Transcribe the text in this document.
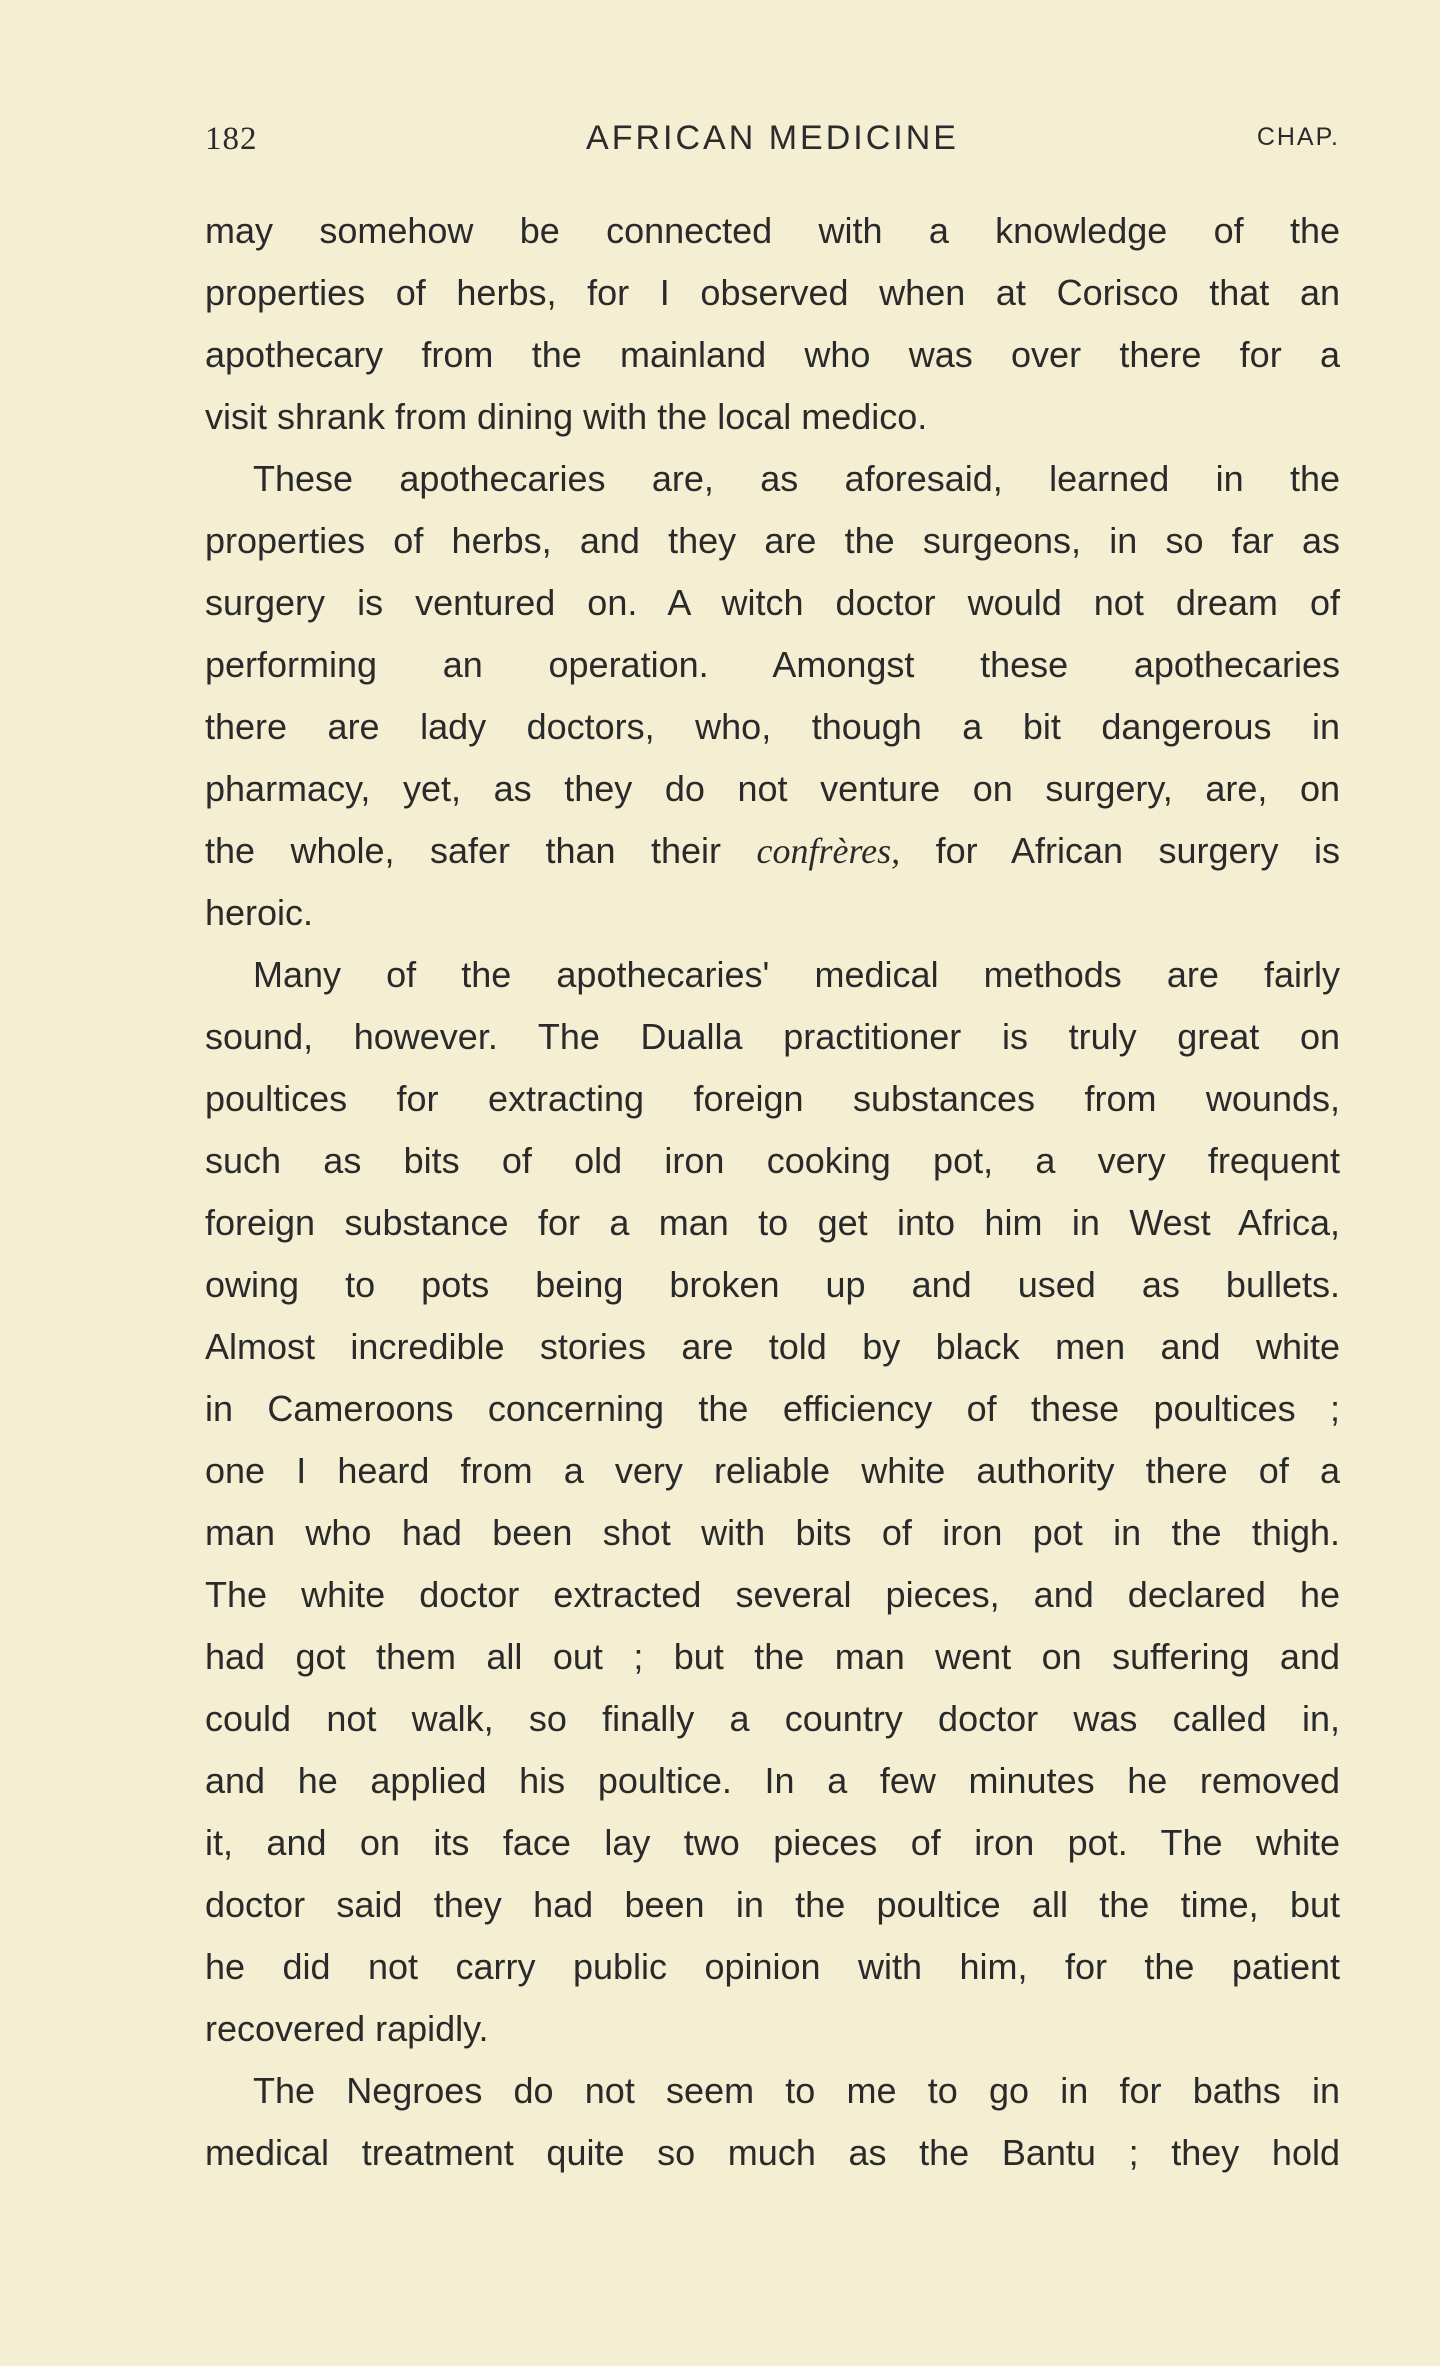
182	AFRICAN MEDICINE	CHAP.

may somehow be connected with a knowledge of the
properties of herbs, for I observed when at Corisco that an
apothecary from the mainland who was over there for a
visit shrank from dining with the local medico.

These apothecaries are, as aforesaid, learned in the
properties of herbs, and they are the surgeons, in so far as
surgery is ventured on. A witch doctor would not dream of
performing an operation. Amongst these apothecaries
there are lady doctors, who, though a bit dangerous in
pharmacy, yet, as they do not venture on surgery, are, on
the whole, safer than their confrères, for African surgery is
heroic.

Many of the apothecaries' medical methods are fairly
sound, however. The Dualla practitioner is truly great on
poultices for extracting foreign substances from wounds,
such as bits of old iron cooking pot, a very frequent
foreign substance for a man to get into him in West Africa,
owing to pots being broken up and used as bullets.
Almost incredible stories are told by black men and white
in Cameroons concerning the efficiency of these poultices ;
one I heard from a very reliable white authority there of a
man who had been shot with bits of iron pot in the thigh.
The white doctor extracted several pieces, and declared he
had got them all out ; but the man went on suffering and
could not walk, so finally a country doctor was called in,
and he applied his poultice. In a few minutes he removed
it, and on its face lay two pieces of iron pot. The white
doctor said they had been in the poultice all the time, but
he did not carry public opinion with him, for the patient
recovered rapidly.

The Negroes do not seem to me to go in for baths in
medical treatment quite so much as the Bantu ; they hold
